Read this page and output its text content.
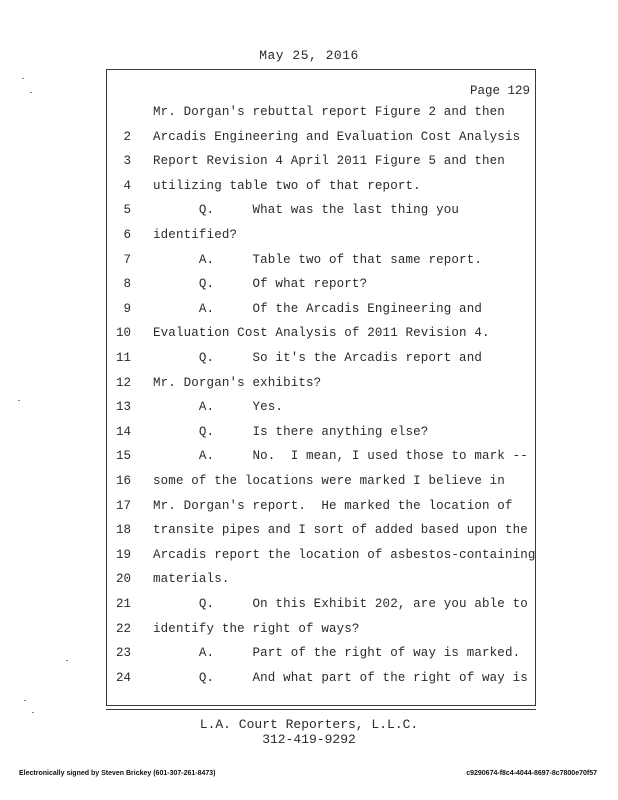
May 25, 2016
Page 129
Mr. Dorgan's rebuttal report Figure 2 and then
2 Arcadis Engineering and Evaluation Cost Analysis
3 Report Revision 4 April 2011 Figure 5 and then
4 utilizing table two of that report.
5 Q.     What was the last thing you
6 identified?
7 A.     Table two of that same report.
8 Q.     Of what report?
9 A.     Of the Arcadis Engineering and
10 Evaluation Cost Analysis of 2011 Revision 4.
11 Q.     So it's the Arcadis report and
12 Mr. Dorgan's exhibits?
13 A.     Yes.
14 Q.     Is there anything else?
15 A.     No.  I mean, I used those to mark --
16 some of the locations were marked I believe in
17 Mr. Dorgan's report.  He marked the location of
18 transite pipes and I sort of added based upon the
19 Arcadis report the location of asbestos-containing
20 materials.
21 Q.     On this Exhibit 202, are you able to
22 identify the right of ways?
23 A.     Part of the right of way is marked.
24 Q.     And what part of the right of way is
L.A. Court Reporters, L.L.C.
312-419-9292
Electronically signed by Steven Brickey (601-307-261-8473)	c9290674-f8c4-4044-8697-8c7800e70f57
